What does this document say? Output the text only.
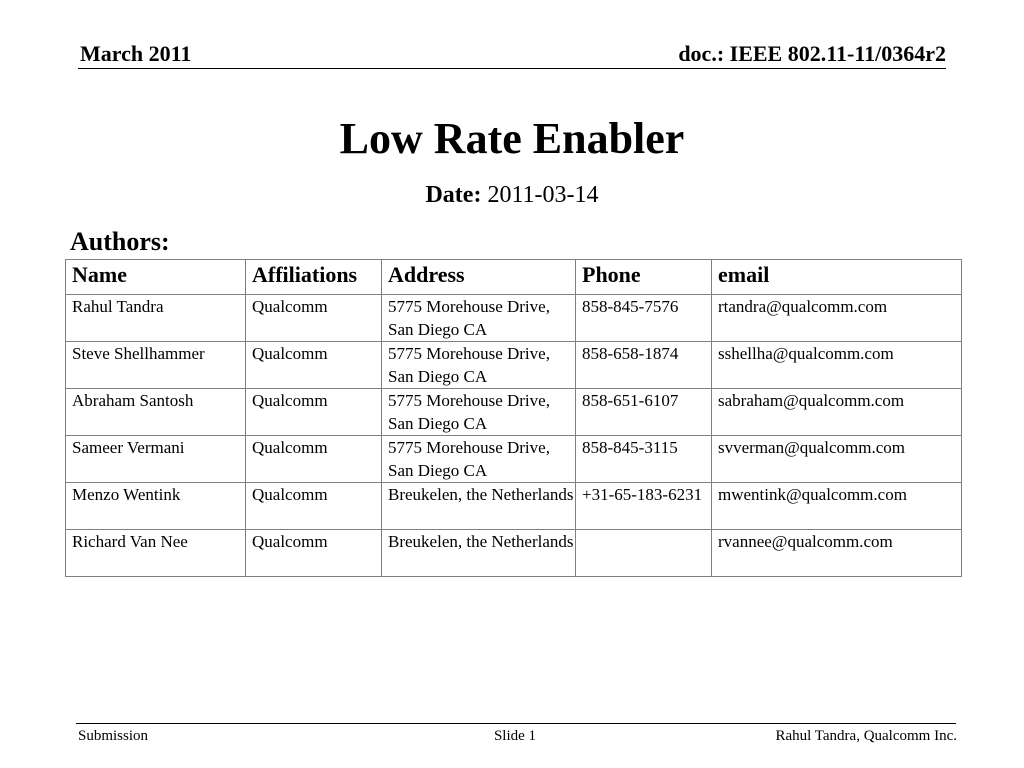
March 2011	doc.: IEEE 802.11-11/0364r2
Low Rate Enabler
Date: 2011-03-14
Authors:
Name	Affiliations	Address	Phone	email
Rahul Tandra	Qualcomm	5775 Morehouse Drive, San Diego CA	858-845-7576	rtandra@qualcomm.com
Steve Shellhammer	Qualcomm	5775 Morehouse Drive, San Diego CA	858-658-1874	sshellha@qualcomm.com
Abraham Santosh	Qualcomm	5775 Morehouse Drive, San Diego CA	858-651-6107	sabraham@qualcomm.com
Sameer Vermani	Qualcomm	5775 Morehouse Drive, San Diego CA	858-845-3115	svverman@qualcomm.com
Menzo Wentink	Qualcomm	Breukelen, the Netherlands	+31-65-183-6231	mwentink@qualcomm.com
Richard Van Nee	Qualcomm	Breukelen, the Netherlands		rvannee@qualcomm.com
Submission	Slide 1	Rahul Tandra, Qualcomm Inc.
